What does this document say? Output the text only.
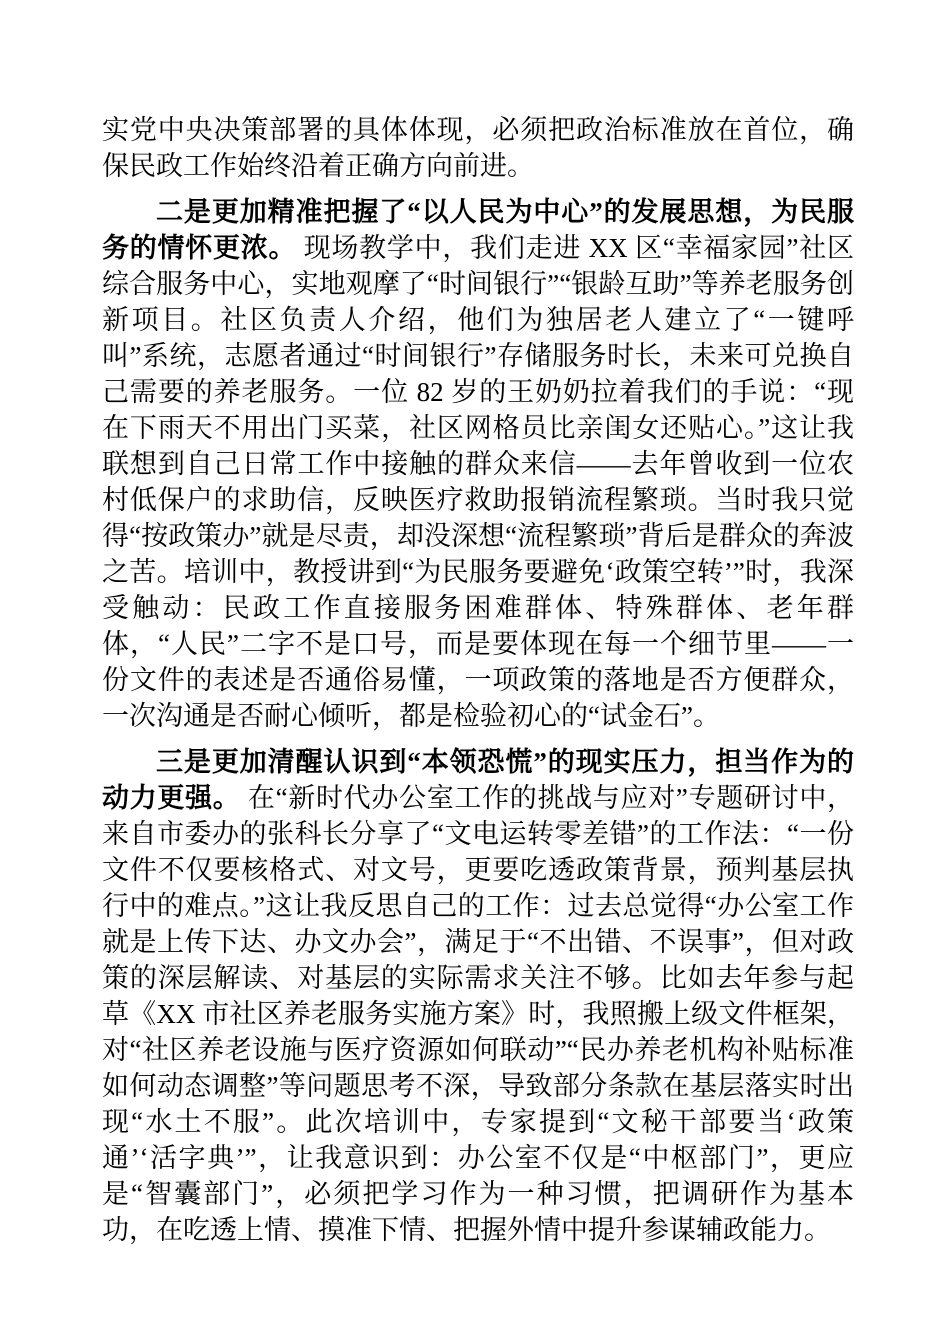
实党中央决策部署的具体体现，必须把政治标准放在首位，确保民政工作始终沿着正确方向前进。

二是更加精准把握了“以人民为中心”的发展思想，为民服务的情怀更浓。 现场教学中，我们走进 XX 区“幸福家园”社区综合服务中心，实地观摩了“时间银行”“银龄互助”等养老服务创新项目。社区负责人介绍，他们为独居老人建立了“一键呼叫”系统，志愿者通过“时间银行”存储服务时长，未来可兑换自己需要的养老服务。一位 82 岁的王奶奶拉着我们的手说：“现在下雨天不用出门买菜，社区网格员比亲闺女还贴心。”这让我联想到自己日常工作中接触的群众来信——去年曾收到一位农村低保户的求助信，反映医疗救助报销流程繁琐。当时我只觉得“按政策办”就是尽责，却没深想“流程繁琐”背后是群众的奔波之苦。培训中，教授讲到“为民服务要避免‘政策空转’”时，我深受触动：民政工作直接服务困难群体、特殊群体、老年群体，“人民”二字不是口号，而是要体现在每一个细节里——一份文件的表述是否通俗易懂，一项政策的落地是否方便群众，一次沟通是否耐心倾听，都是检验初心的“试金石”。

三是更加清醒认识到“本领恐慌”的现实压力，担当作为的动力更强。 在“新时代办公室工作的挑战与应对”专题研讨中，来自市委办的张科长分享了“文电运转零差错”的工作法：“一份文件不仅要核格式、对文号，更要吃透政策背景，预判基层执行中的难点。”这让我反思自己的工作：过去总觉得“办公室工作就是上传下达、办文办会”，满足于“不出错、不误事”，但对政策的深层解读、对基层的实际需求关注不够。比如去年参与起草《XX 市社区养老服务实施方案》时，我照搬上级文件框架，对“社区养老设施与医疗资源如何联动”“民办养老机构补贴标准如何动态调整”等问题思考不深，导致部分条款在基层落实时出现“水土不服”。此次培训中，专家提到“文秘干部要当‘政策通’‘活字典’”，让我意识到：办公室不仅是“中枢部门”，更应是“智囊部门”，必须把学习作为一种习惯，把调研作为基本功，在吃透上情、摸准下情、把握外情中提升参谋辅政能力。
